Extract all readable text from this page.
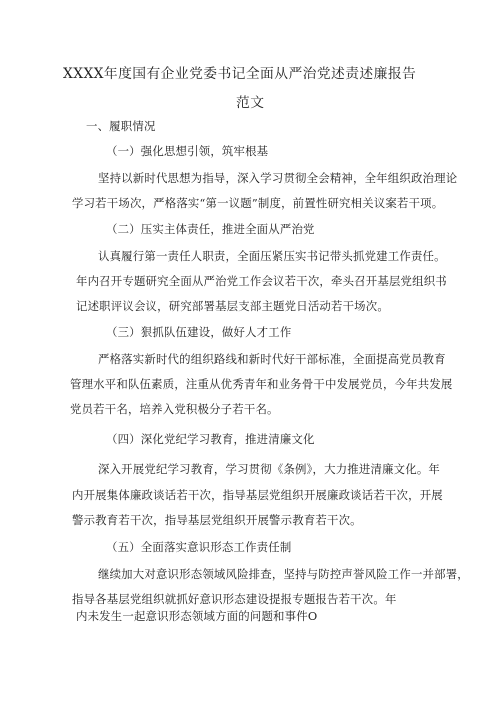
XXXX年度国有企业党委书记全面从严治党述责述廉报告
范文
一、履职情况
（一）强化思想引领，筑牢根基
坚持以新时代思想为指导，深入学习贯彻全会精神，全年组织政治理论
学习若干场次，严格落实“第一议题”制度，前置性研究相关议案若干项。
（二）压实主体责任，推进全面从严治党
认真履行第一责任人职责，全面压紧压实书记带头抓党建工作责任。
年内召开专题研究全面从严治党工作会议若干次，牵头召开基层党组织书
记述职评议会议，研究部署基层支部主题党日活动若干场次。
（三）狠抓队伍建设，做好人才工作
严格落实新时代的组织路线和新时代好干部标准，全面提高党员教育
管理水平和队伍素质，注重从优秀青年和业务骨干中发展党员，今年共发展
党员若干名，培养入党积极分子若干名。
（四）深化党纪学习教育，推进清廉文化
深入开展党纪学习教育，学习贯彻《条例》，大力推进清廉文化。年
内开展集体廉政谈话若干次，指导基层党组织开展廉政谈话若干次，开展
警示教育若干次，指导基层党组织开展警示教育若干次。
（五）全面落实意识形态工作责任制
继续加大对意识形态领域风险排查，坚持与防控声誉风险工作一并部署，
指导各基层党组织就抓好意识形态建设提报专题报告若干次。年
内未发生一起意识形态领域方面的问题和事件O
